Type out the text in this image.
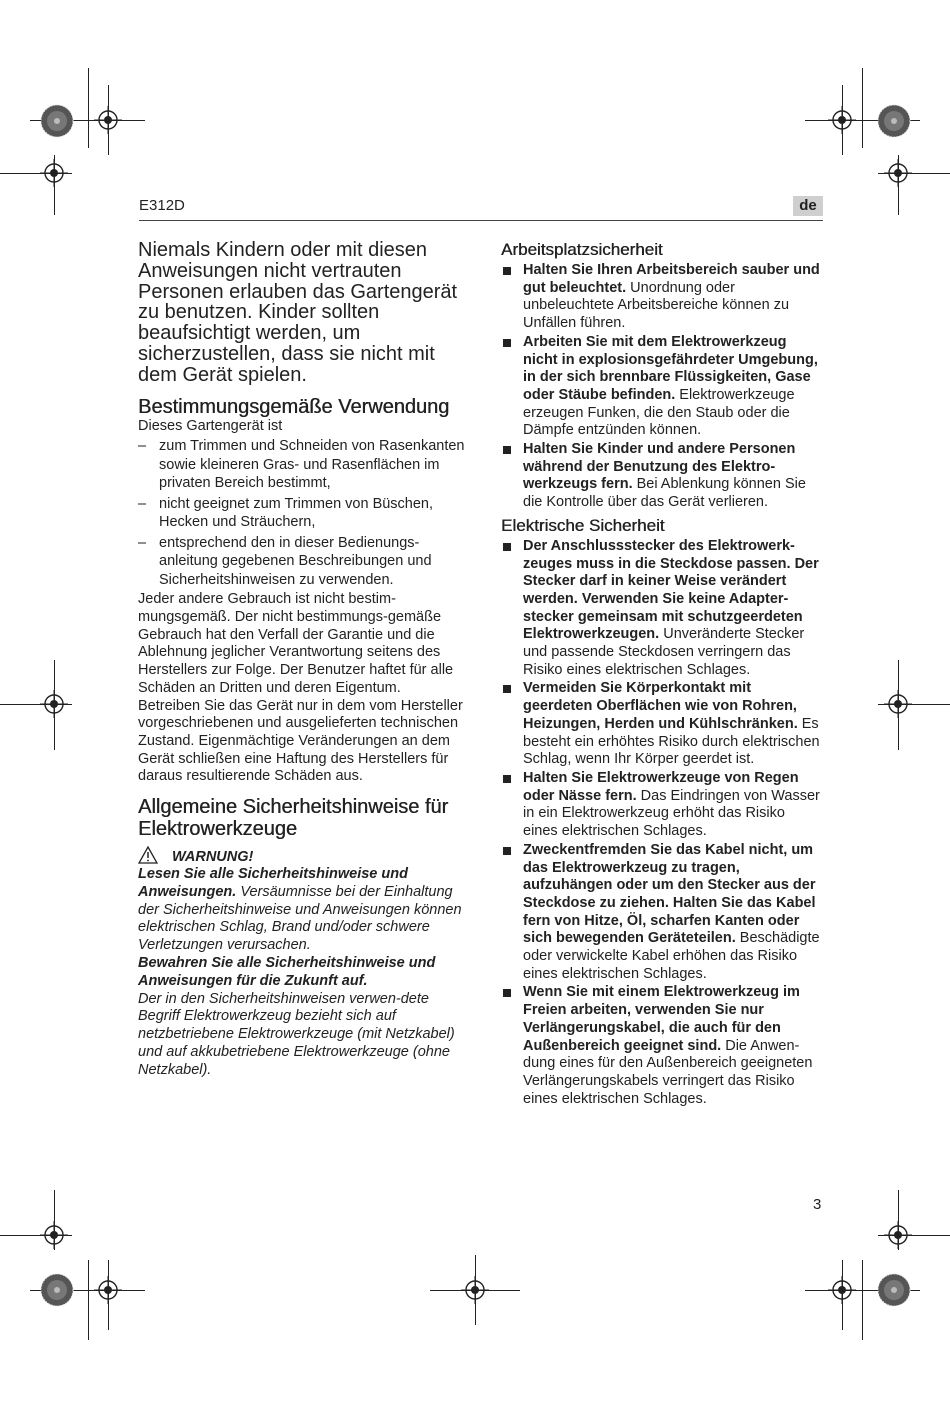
E312D	de

Niemals Kindern oder mit diesen Anweisungen nicht vertrauten Personen erlauben das Gartengerät zu benutzen. Kinder sollten beaufsichtigt werden, um sicherzustellen, dass sie nicht mit dem Gerät spielen.

Bestimmungsgemäße Verwendung

Dieses Gartengerät ist

– zum Trimmen und Schneiden von Rasenkanten sowie kleineren Gras- und Rasenflächen im privaten Bereich bestimmt,
– nicht geeignet zum Trimmen von Büschen, Hecken und Sträuchern,
– entsprechend den in dieser Bedienungs-anleitung gegebenen Beschreibungen und Sicherheitshinweisen zu verwenden.

Jeder andere Gebrauch ist nicht bestim-mungsgemäß. Der nicht bestimmungs-gemäße Gebrauch hat den Verfall der Garantie und die Ablehnung jeglicher Verantwortung seitens des Herstellers zur Folge. Der Benutzer haftet für alle Schäden an Dritten und deren Eigentum.

Betreiben Sie das Gerät nur in dem vom Hersteller vorgeschriebenen und ausgelieferten technischen Zustand. Eigenmächtige Veränderungen an dem Gerät schließen eine Haftung des Herstellers für daraus resultierende Schäden aus.

Allgemeine Sicherheitshinweise für Elektrowerkzeuge
WARNUNG!

Lesen Sie alle Sicherheitshinweise und Anweisungen. Versäumnisse bei der Einhaltung der Sicherheitshinweise und Anweisungen können elektrischen Schlag, Brand und/oder schwere Verletzungen verursachen.

Bewahren Sie alle Sicherheitshinweise und Anweisungen für die Zukunft auf.

Der in den Sicherheitshinweisen verwen-dete Begriff Elektrowerkzeug bezieht sich auf netzbetriebene Elektrowerkzeuge (mit Netzkabel) und auf akkubetriebene Elektrowerkzeuge (ohne Netzkabel).

Arbeitsplatzsicherheit
Halten Sie Ihren Arbeitsbereich sauber und gut beleuchtet. Unordnung oder unbeleuchtete Arbeitsbereiche können zu Unfällen führen.
Arbeiten Sie mit dem Elektrowerkzeug nicht in explosionsgefährdeter Umgebung, in der sich brennbare Flüssigkeiten, Gase oder Stäube befinden. Elektrowerkzeuge erzeugen Funken, die den Staub oder die Dämpfe entzünden können.
Halten Sie Kinder und andere Personen während der Benutzung des Elektro-werkzeugs fern. Bei Ablenkung können Sie die Kontrolle über das Gerät verlieren.
Elektrische Sicherheit
Der Anschlussstecker des Elektrowerk-zeuges muss in die Steckdose passen. Der Stecker darf in keiner Weise verändert werden. Verwenden Sie keine Adapter-stecker gemeinsam mit schutzgeerdeten Elektrowerkzeugen. Unveränderte Stecker und passende Steckdosen verringern das Risiko eines elektrischen Schlages.
Vermeiden Sie Körperkontakt mit geerdeten Oberflächen wie von Rohren, Heizungen, Herden und Kühlschränken. Es besteht ein erhöhtes Risiko durch elektrischen Schlag, wenn Ihr Körper geerdet ist.
Halten Sie Elektrowerkzeuge von Regen oder Nässe fern. Das Eindringen von Wasser in ein Elektrowerkzeug erhöht das Risiko eines elektrischen Schlages.
Zweckentfremden Sie das Kabel nicht, um das Elektrowerkzeug zu tragen, aufzuhängen oder um den Stecker aus der Steckdose zu ziehen. Halten Sie das Kabel fern von Hitze, Öl, scharfen Kanten oder sich bewegenden Geräteteilen. Beschädigte oder verwickelte Kabel erhöhen das Risiko eines elektrischen Schlages.
Wenn Sie mit einem Elektrowerkzeug im Freien arbeiten, verwenden Sie nur Verlängerungskabel, die auch für den Außenbereich geeignet sind. Die Anwen-dung eines für den Außenbereich geeigneten Verlängerungskabels verringert das Risiko eines elektrischen Schlages.
3
